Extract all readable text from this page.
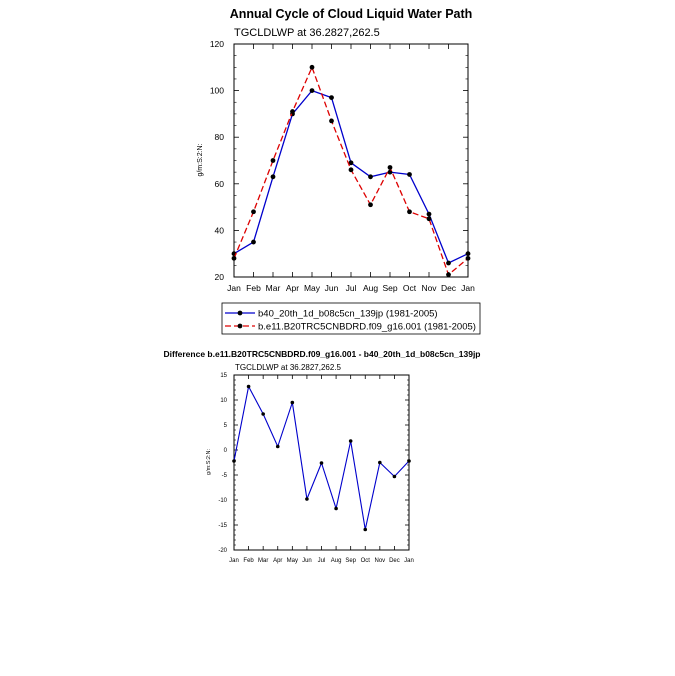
Annual Cycle of Cloud Liquid Water Path
TGCLDLWP at 36.2827,262.5
g/m:S:2:N:
Jan Feb Mar Apr May Jun Jul Aug Sep Oct Nov Dec Jan
20
40
60
80
100
120
b40_20th_1d_b08c5cn_139jp (1981-2005)
b.e11.B20TRC5CNBDRD.f09_g16.001 (1981-2005)
Difference b.e11.B20TRC5CNBDRD.f09_g16.001 - b40_20th_1d_b08c5cn_139jp
TGCLDLWP at 36.2827,262.5
g/m:S:2:N:
Jan Feb Mar Apr May Jun Jul Aug Sep Oct Nov Dec Jan
-20
-15
-10
-5
0
5
10
15
